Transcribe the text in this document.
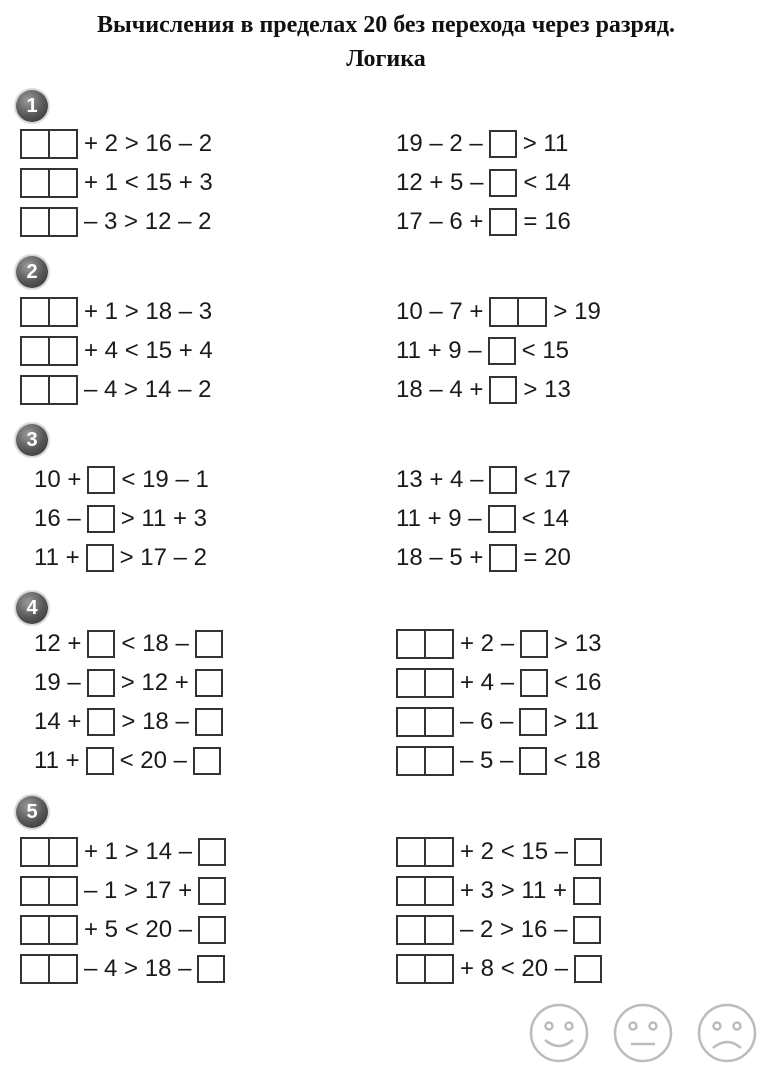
Вычисления в пределах 20 без перехода через разряд.
Логика
1
+ 2 > 16 – 2
+ 1 < 15 + 3
– 3 > 12 – 2
19 – 2 – > 11
12 + 5 – < 14
17 – 6 + = 16
2
+ 1 > 18 – 3
+ 4 < 15 + 4
– 4 > 14 – 2
10 – 7 +	> 19
11 + 9 – < 15
18 – 4 + > 13
3
10 + < 19 – 1
16 – > 11 + 3
11 + > 17 – 2
13 + 4 – < 17
11 + 9 – < 14
18 – 5 + = 20
4
12 + < 18 –
19 – > 12 +
14 + > 18 –
11 + < 20 –
+ 2 – > 13
+ 4 – < 16
– 6 – > 11
– 5 – < 18
5
+ 1 > 14 –
– 1 > 17 +
+ 5 < 20 –
– 4 > 18 –
+ 2 < 15 –
+ 3 > 11 +
– 2 > 16 –
+ 8 < 20 –
